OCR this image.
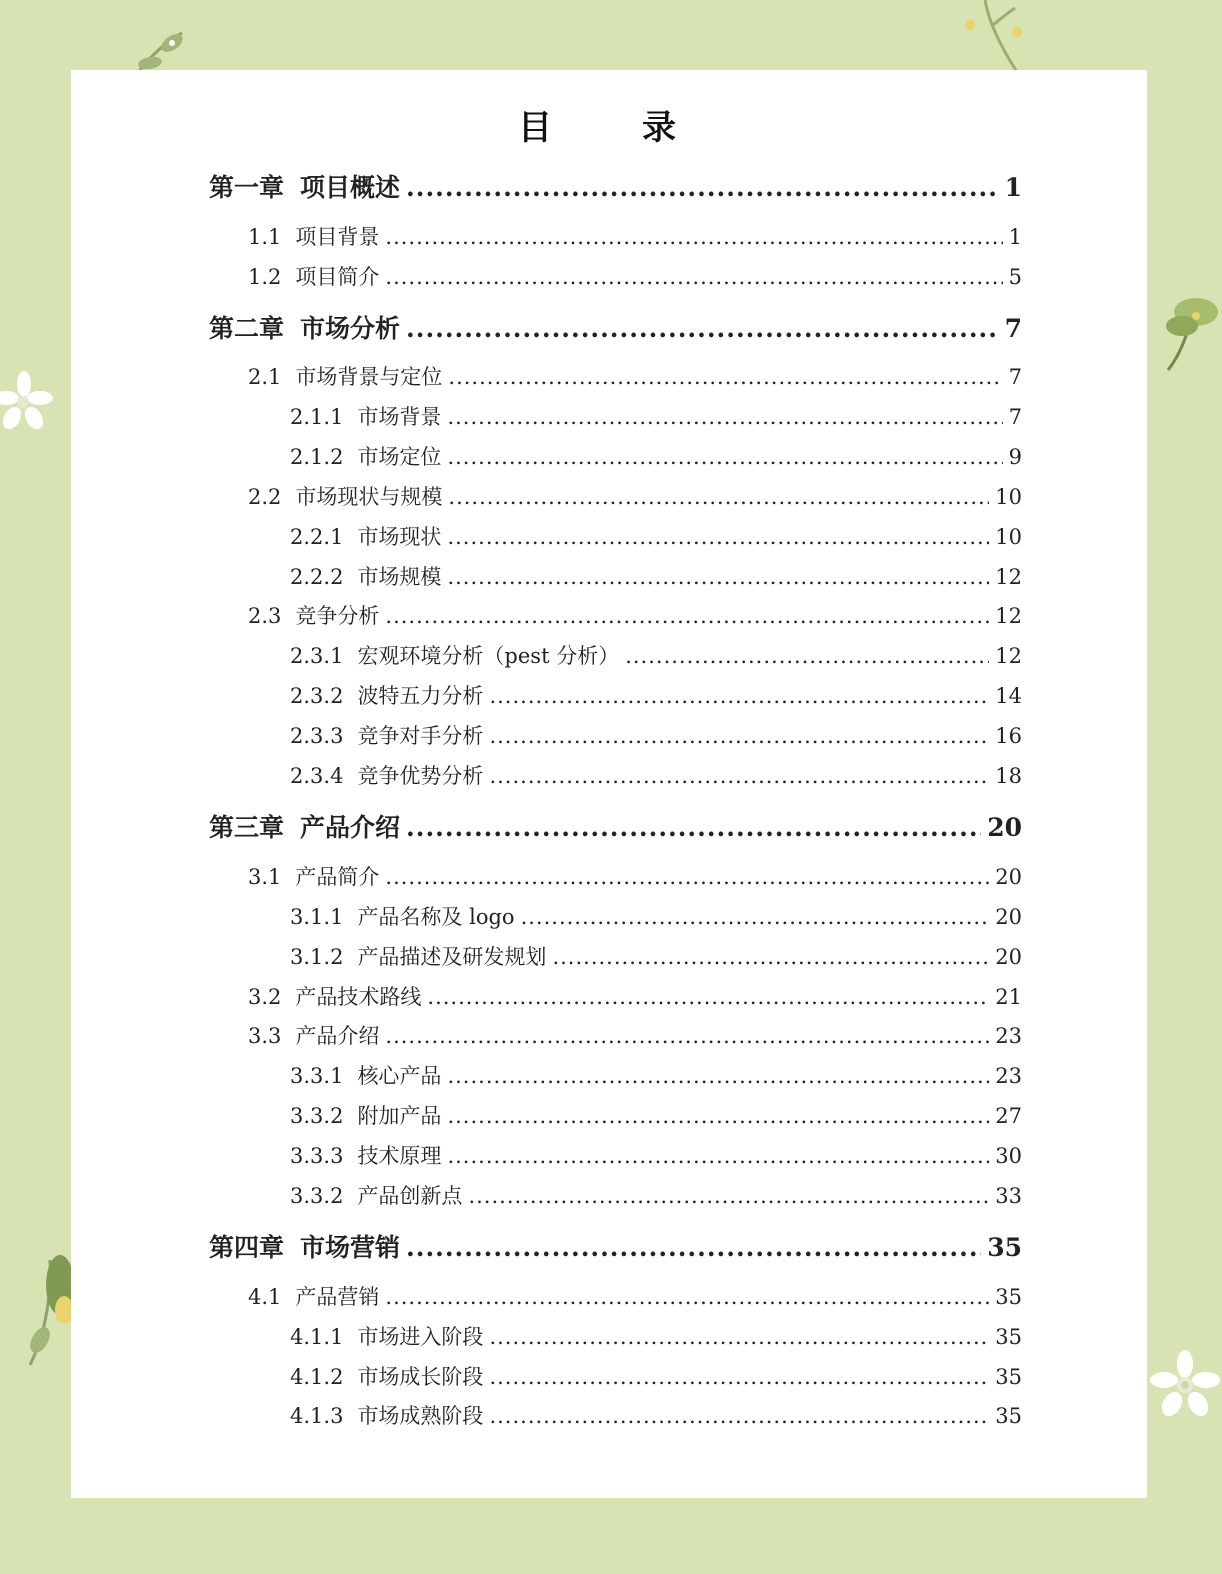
目　录
第一章 项目概述 .....	1
1.1 项目背景 .....	1
1.2 项目简介 .....	5
第二章 市场分析 .....	7
2.1 市场背景与定位 .....	7
2.1.1 市场背景 .....	7
2.1.2 市场定位 .....	9
2.2 市场现状与规模 .....	10
2.2.1 市场现状 .....	10
2.2.2 市场规模 .....	12
2.3 竞争分析 .....	12
2.3.1 宏观环境分析（pest 分析） .....	12
2.3.2 波特五力分析 .....	14
2.3.3 竞争对手分析 .....	16
2.3.4 竞争优势分析 .....	18
第三章 产品介绍 .....	20
3.1 产品简介 .....	20
3.1.1 产品名称及 logo .....	20
3.1.2 产品描述及研发规划 .....	20
3.2 产品技术路线 .....	21
3.3 产品介绍 .....	23
3.3.1 核心产品 .....	23
3.3.2 附加产品 .....	27
3.3.3 技术原理 .....	30
3.3.2 产品创新点 .....	33
第四章 市场营销 .....	35
4.1 产品营销 .....	35
4.1.1 市场进入阶段 .....	35
4.1.2 市场成长阶段 .....	35
4.1.3 市场成熟阶段 .....	35
